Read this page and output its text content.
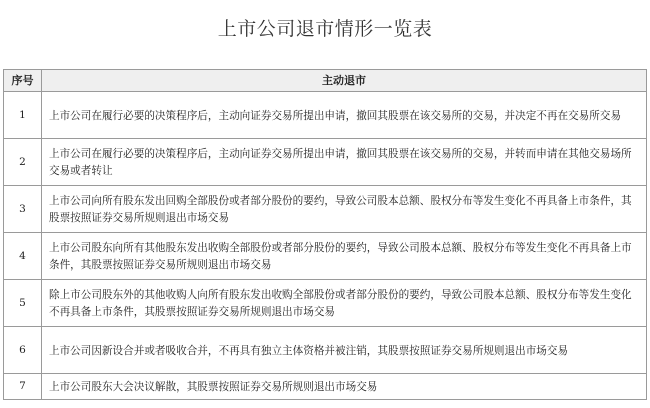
上市公司退市情形一览表
序号	主动退市
1	上市公司在履行必要的决策程序后，主动向证券交易所提出申请，撤回其股票在该交易所的交易，并决定不再在交易所交易
2	上市公司在履行必要的决策程序后，主动向证券交易所提出申请，撤回其股票在该交易所的交易，并转而申请在其他交易场所交易或者转让
3	上市公司向所有股东发出回购全部股份或者部分股份的要约，导致公司股本总额、股权分布等发生变化不再具备上市条件，其股票按照证券交易所规则退出市场交易
4	上市公司股东向所有其他股东发出收购全部股份或者部分股份的要约，导致公司股本总额、股权分布等发生变化不再具备上市条件，其股票按照证券交易所规则退出市场交易
5	除上市公司股东外的其他收购人向所有股东发出收购全部股份或者部分股份的要约，导致公司股本总额、股权分布等发生变化不再具备上市条件，其股票按照证券交易所规则退出市场交易
6	上市公司因新设合并或者吸收合并，不再具有独立主体资格并被注销，其股票按照证券交易所规则退出市场交易
7	上市公司股东大会决议解散，其股票按照证券交易所规则退出市场交易
